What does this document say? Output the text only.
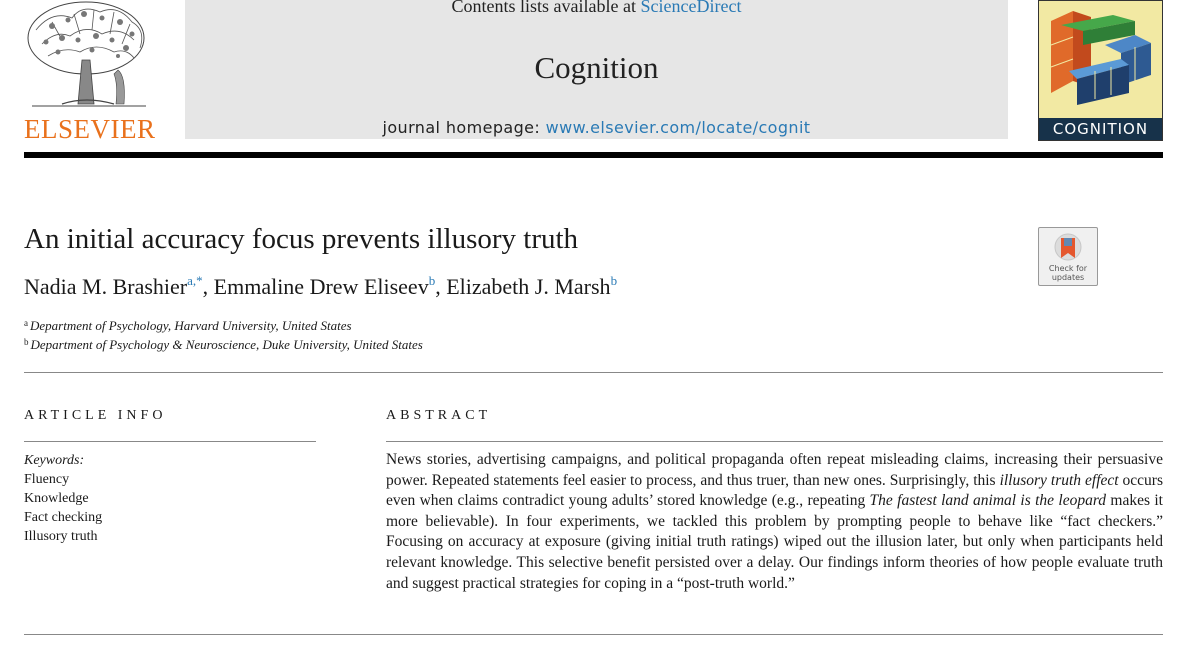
ELSEVIER
Contents lists available at ScienceDirect
Cognition
journal homepage: www.elsevier.com/locate/cognit	COGNITION
An initial accuracy focus prevents illusory truth
Nadia M. Brashier$^{a,*}$, Emmaline Drew Eliseev$^b$, Elizabeth J. Marsh$^b$
Check for updates
$^a$ Department of Psychology, Harvard University, United States
$^b$ Department of Psychology & Neuroscience, Duke University, United States
ARTICLE INFO
Keywords:
Fluency
Knowledge
Fact checking
Illusory truth
ABSTRACT

News stories, advertising campaigns, and political propaganda often repeat misleading claims, increasing their persuasive power. Repeated statements feel easier to process, and thus truer, than new ones. Surprisingly, this illusory truth effect occurs even when claims contradict young adults’ stored knowledge (e.g., repeating The fastest land animal is the leopard makes it more believable). In four experiments, we tackled this problem by prompting people to behave like “fact checkers.” Focusing on accuracy at exposure (giving initial truth ratings) wiped out the illusion later, but only when participants held relevant knowledge. This selective benefit persisted over a delay. Our findings inform theories of how people evaluate truth and suggest practical strategies for coping in a “post-truth world.”
